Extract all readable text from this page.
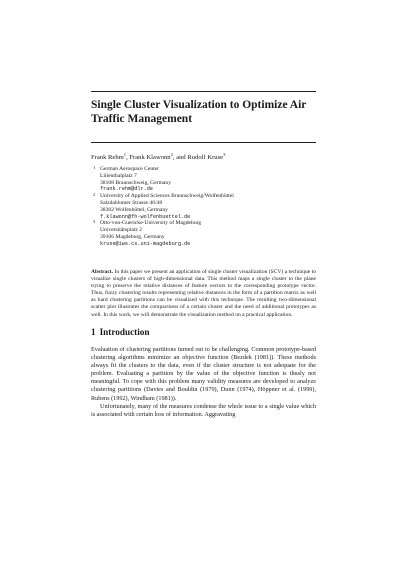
Single Cluster Visualization to Optimize Air Traffic Management
Frank Rehm$^1$, Frank Klawonn$^2$, and Rudolf Kruse$^3$
1 German Aerospace Center
Lilienthalplatz 7
38108 Braunschweig, Germany
frank.rehm@dlr.de
2 University of Applied Sciences Braunschweig/Wolfenbüttel
Salzdahlumer Strasse 46/48
38302 Wolfenbüttel, Germany
f.klawonn@fh-wolfenbuettel.de
3 Otto-von-Guericke-University of Magdeburg
Universitätsplatz 2
39106 Magdeburg, Germany
kruse@iws.cs.uni-magdeburg.de
Abstract. In this paper we present an application of single cluster visualization (SCV) a technique to visualize single clusters of high-dimensional data. This method maps a single cluster to the plane trying to preserve the relative distances of feature vectors to the corresponding prototype vector. Thus, fuzzy clustering results representing relative distances in the form of a partition matrix as well as hard clustering partitions can be visualized with this technique. The resulting two-dimensional scatter plot illustrates the compactness of a certain cluster and the need of additional prototypes as well. In this work, we will demonstrate the visualization method on a practical application.
1 Introduction

Evaluation of clustering partitions turned out to be challenging. Common prototype-based clustering algorithms minimize an objective function (Bezdek (1981)). These methods always fit the clusters to the data, even if the cluster structure is not adequate for the problem. Evaluating a partition by the value of the objective function is thusly not meaningful. To cope with this problem many validity measures are developed to analyze clustering partitions (Davies and Bouldin (1979), Dunn (1974), Höppner et al. (1999), Rubens (1992), Windham (1981)).

Unfortunately, many of the measures condense the whole issue to a single value which is associated with certain loss of information. Aggravating
